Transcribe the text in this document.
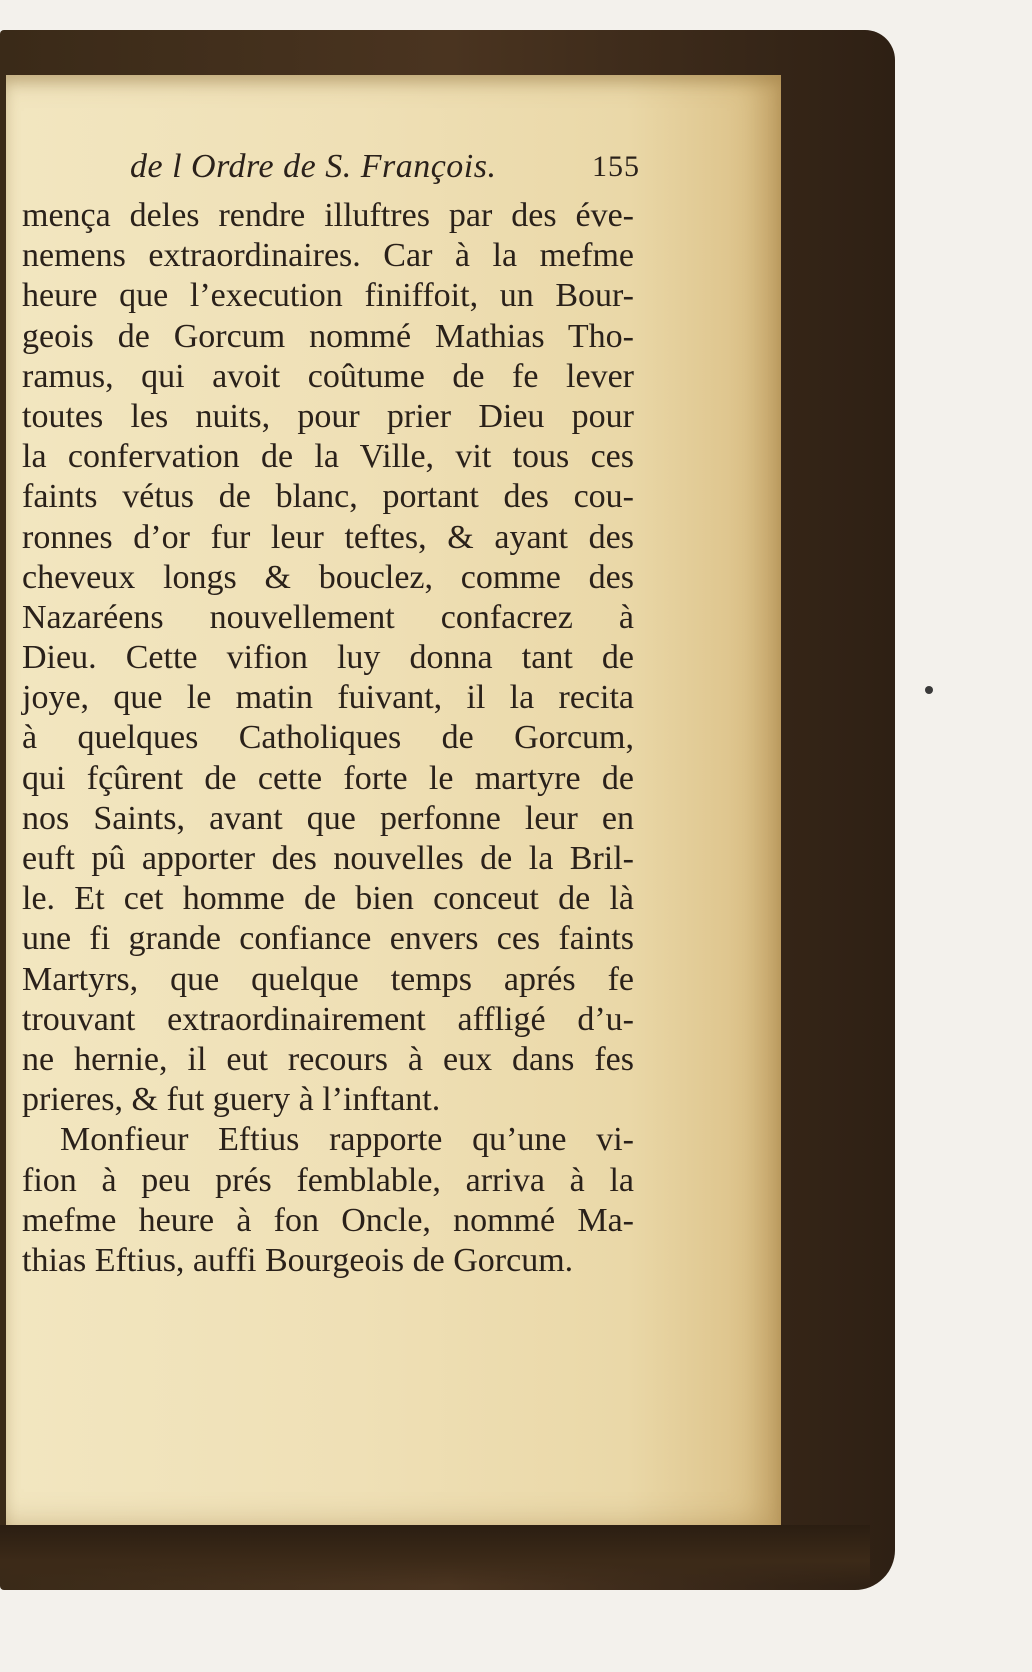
de l Ordre de S. François.	155
mença deles rendre illuftres par des éve-
nemens extraordinaires. Car à la mefme
heure que l’execution finiffoit, un Bour-
geois de Gorcum nommé Mathias Tho-
ramus, qui avoit coûtume de fe lever
toutes les nuits, pour prier Dieu pour
la confervation de la Ville, vit tous ces
faints vétus de blanc, portant des cou-
ronnes d’or fur leur teftes, & ayant des
cheveux longs & bouclez, comme des
Nazaréens nouvellement confacrez à
Dieu. Cette vifion luy donna tant de
joye, que le matin fuivant, il la recita
à quelques Catholiques de Gorcum,
qui fçûrent de cette forte le martyre de
nos Saints, avant que perfonne leur en
euft pû apporter des nouvelles de la Bril-
le. Et cet homme de bien conceut de là
une fi grande confiance envers ces faints
Martyrs, que quelque temps aprés fe
trouvant extraordinairement affligé d’u-
ne hernie, il eut recours à eux dans fes
prieres, & fut guery à l’inftant.
Monfieur Eftius rapporte qu’une vi-
fion à peu prés femblable, arriva à la
mefme heure à fon Oncle, nommé Ma-
thias Eftius, auffi Bourgeois de Gorcum.
